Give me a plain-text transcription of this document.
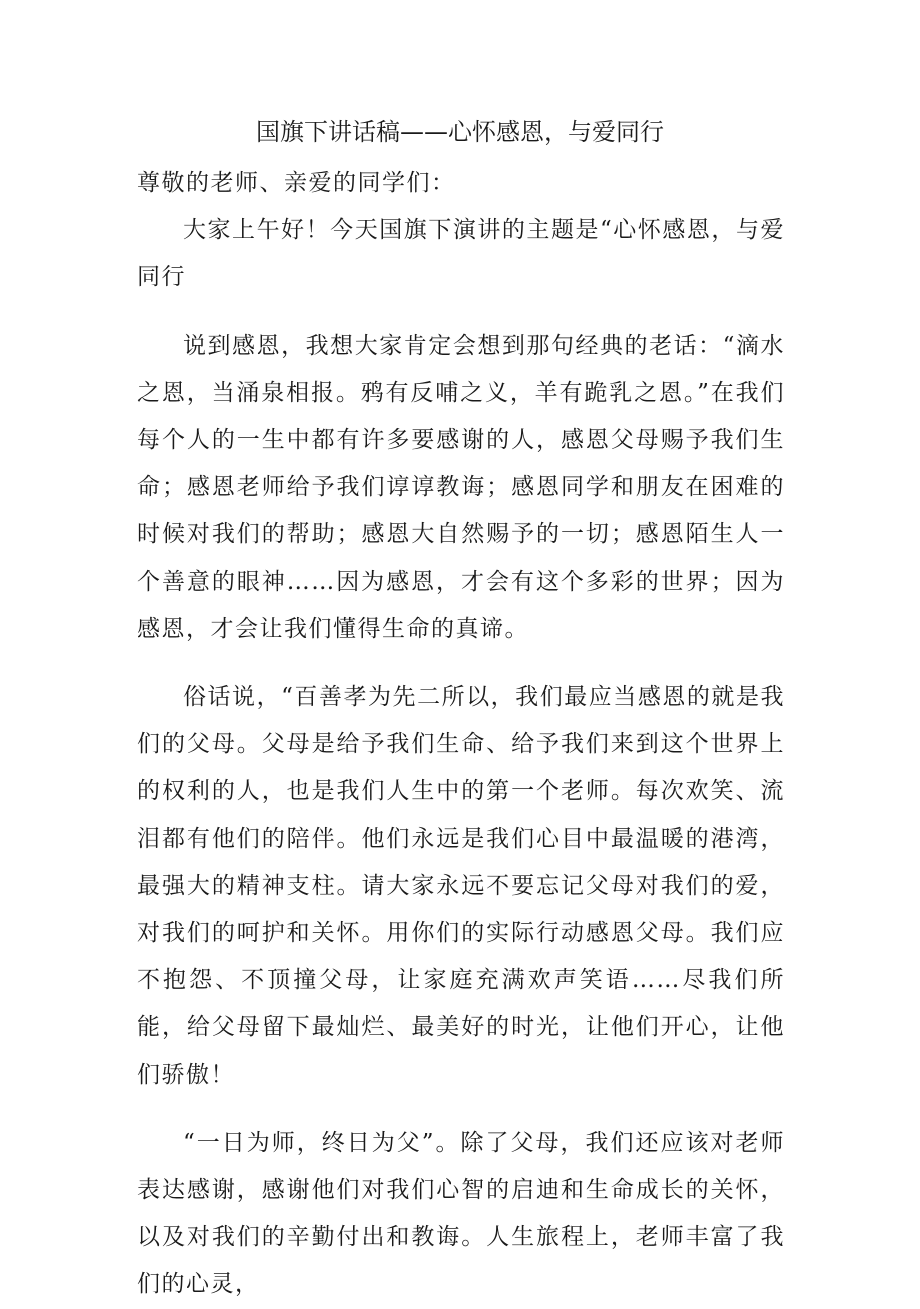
国旗下讲话稿——心怀感恩，与爱同行

尊敬的老师、亲爱的同学们：

大家上午好！今天国旗下演讲的主题是“心怀感恩，与爱同行

说到感恩，我想大家肯定会想到那句经典的老话：“滴水之恩，当涌泉相报。鸦有反哺之义，羊有跪乳之恩。”在我们每个人的一生中都有许多要感谢的人，感恩父母赐予我们生命；感恩老师给予我们谆谆教诲；感恩同学和朋友在困难的时候对我们的帮助；感恩大自然赐予的一切；感恩陌生人一个善意的眼神……因为感恩，才会有这个多彩的世界；因为感恩，才会让我们懂得生命的真谛。

俗话说，“百善孝为先二所以，我们最应当感恩的就是我们的父母。父母是给予我们生命、给予我们来到这个世界上的权利的人，也是我们人生中的第一个老师。每次欢笑、流泪都有他们的陪伴。他们永远是我们心目中最温暖的港湾，最强大的精神支柱。请大家永远不要忘记父母对我们的爱，对我们的呵护和关怀。用你们的实际行动感恩父母。我们应不抱怨、不顶撞父母，让家庭充满欢声笑语……尽我们所能，给父母留下最灿烂、最美好的时光，让他们开心，让他们骄傲！

“一日为师，终日为父”。除了父母，我们还应该对老师表达感谢，感谢他们对我们心智的启迪和生命成长的关怀，以及对我们的辛勤付出和教诲。人生旅程上，老师丰富了我们的心灵，
